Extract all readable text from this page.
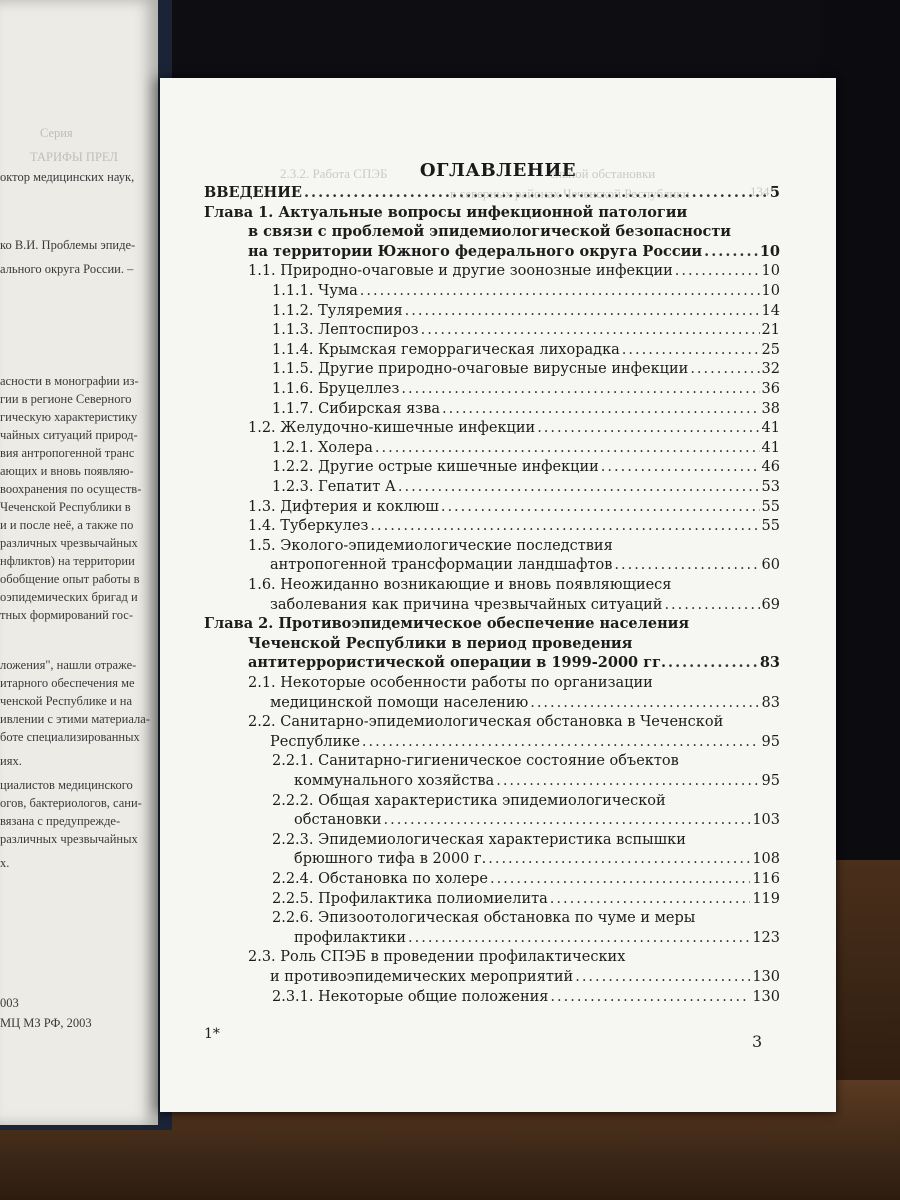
Серия
ТАРИФЫ ПРЕЛ
октор медицинских наук,
ко В.И. Проблемы эпиде-
ального округа России. –
асности в монографии из-
гии в регионе Северного
гическую характеристику
чайных ситуаций природ-
вия антропогенной транс
ающих и вновь появляю-
воохранения по осуществ-
Чеченской Республики в
и и после неё, а также по
различных чрезвычайных
нфликтов) на территории
обобщение опыт работы в
оэпидемических бригад и
тных формирований гос-
ложения", нашли отраже-
итарного обеспечения ме
ченской Республике и на
ивлении с этими материала-
боте специализированных
иях.
циалистов медицинского
огов, бактериологов, сани-
вязана с предупрежде-
различных чрезвычайных
х.
003
МЦ МЗ РФ, 2003
2.3.2. Работа СПЭБ	ельной обстановки
в северных районах Чеченской Республики	134
ОГЛАВЛЕНИЕ
ВВЕДЕНИЕ .....	5
Глава 1. Актуальные вопросы инфекционной патологии
в связи с проблемой эпидемиологической безопасности
на территории Южного федерального округа России .....	10
1.1. Природно-очаговые и другие зоонозные инфекции .....	10
1.1.1. Чума .....	10
1.1.2. Туляремия .....	14
1.1.3. Лептоспироз .....	21
1.1.4. Крымская геморрагическая лихорадка .....	25
1.1.5. Другие природно-очаговые вирусные инфекции .....	32
1.1.6. Бруцеллез .....	36
1.1.7. Сибирская язва .....	38
1.2. Желудочно-кишечные инфекции .....	41
1.2.1. Холера .....	41
1.2.2. Другие острые кишечные инфекции .....	46
1.2.3. Гепатит А .....	53
1.3. Дифтерия и коклюш .....	55
1.4. Туберкулез .....	55
1.5. Эколого-эпидемиологические последствия
антропогенной трансформации ландшафтов .....	60
1.6. Неожиданно возникающие и вновь появляющиеся
заболевания как причина чрезвычайных ситуаций .....	69
Глава 2. Противоэпидемическое обеспечение населения
Чеченской Республики в период проведения
антитеррористической операции в 1999-2000 гг. .....	83
2.1. Некоторые особенности работы по организации
медицинской помощи населению .....	83
2.2. Санитарно-эпидемиологическая обстановка в Чеченской
Республике .....	95
2.2.1. Санитарно-гигиеническое состояние объектов
коммунального хозяйства .....	95
2.2.2. Общая характеристика эпидемиологической
обстановки .....	103
2.2.3. Эпидемиологическая характеристика вспышки
брюшного тифа в 2000 г. .....	108
2.2.4. Обстановка по холере .....	116
2.2.5. Профилактика полиомиелита .....	119
2.2.6. Эпизоотологическая обстановка по чуме и меры
профилактики .....	123
2.3. Роль СПЭБ в проведении профилактических
и противоэпидемических мероприятий .....	130
2.3.1. Некоторые общие положения .....	130
1*	3
